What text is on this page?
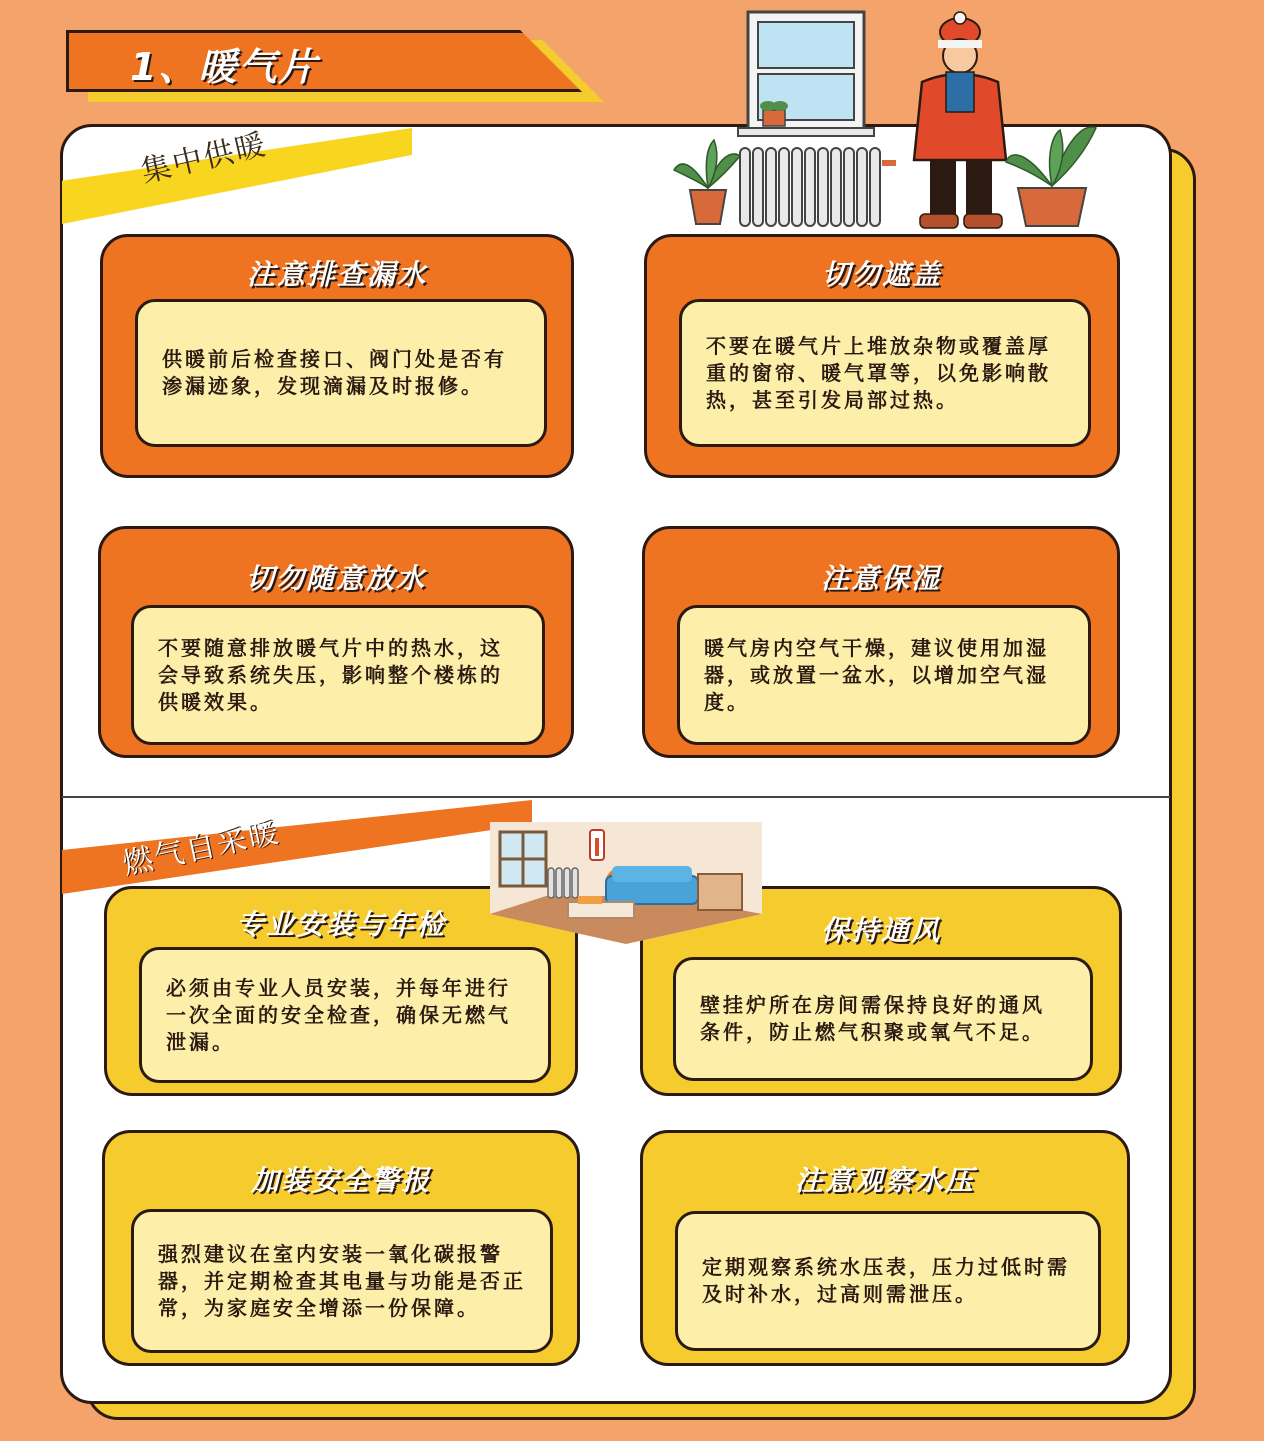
1、暖气片
集中供暖
注意排查漏水

供暖前后检查接口、阀门处是否有渗漏迹象，发现滴漏及时报修。

切勿遮盖

不要在暖气片上堆放杂物或覆盖厚重的窗帘、暖气罩等，以免影响散热，甚至引发局部过热。

切勿随意放水

不要随意排放暖气片中的热水，这会导致系统失压，影响整个楼栋的供暖效果。

注意保湿

暖气房内空气干燥，建议使用加湿器，或放置一盆水，以增加空气湿度。

燃气自采暖
专业安装与年检

必须由专业人员安装，并每年进行一次全面的安全检查，确保无燃气泄漏。

保持通风

壁挂炉所在房间需保持良好的通风条件，防止燃气积聚或氧气不足。

加装安全警报

强烈建议在室内安装一氧化碳报警器，并定期检查其电量与功能是否正常，为家庭安全增添一份保障。

注意观察水压

定期观察系统水压表，压力过低时需及时补水，过高则需泄压。
